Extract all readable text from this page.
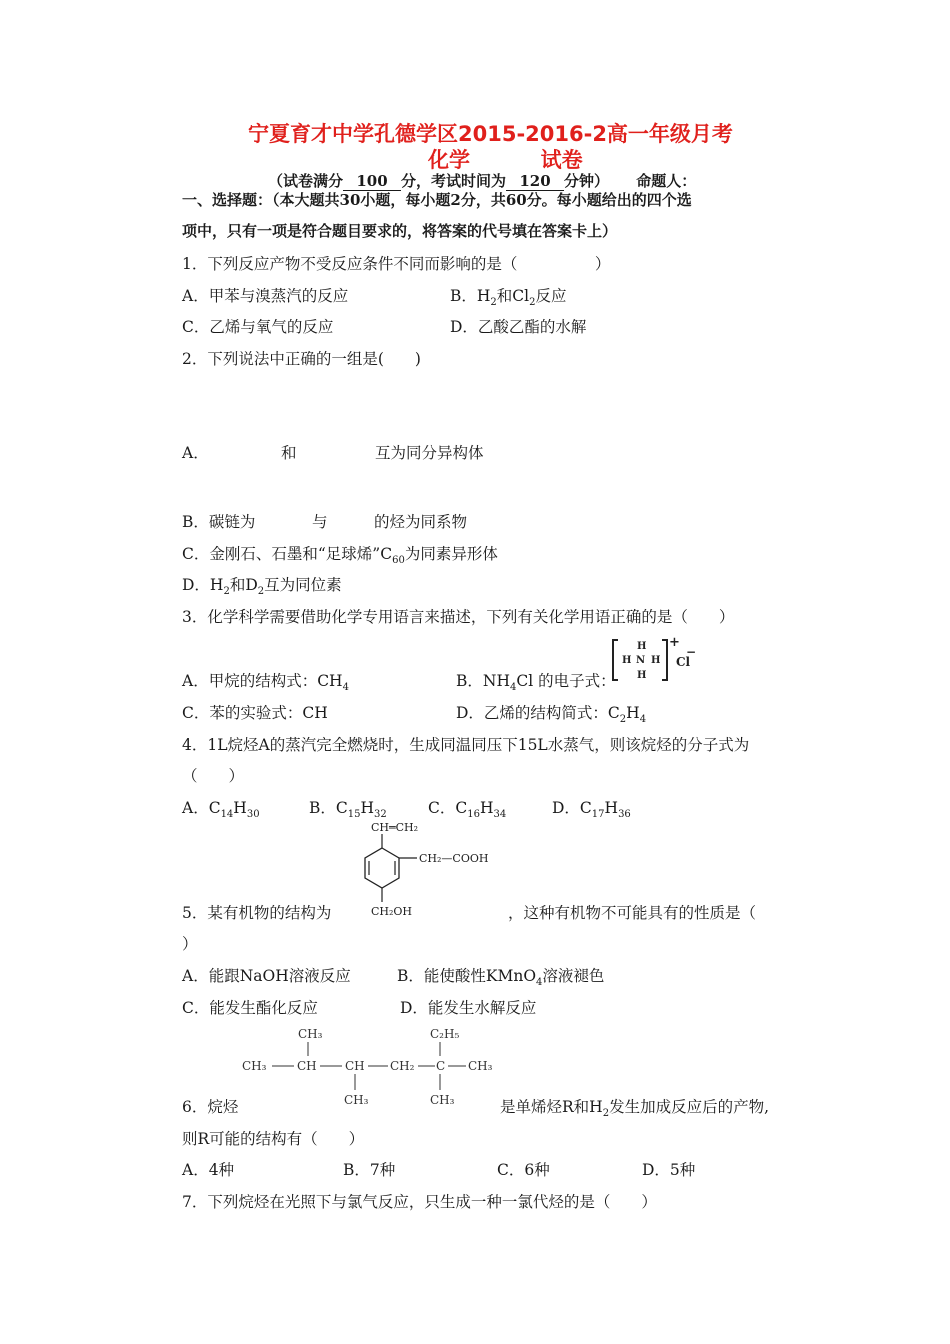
宁夏育才中学孔德学区2015-2016-2高一年级月考
化学	试卷
（试卷满分 100 分，考试时间为 120 分钟） 命题人：
一、选择题：（本大题共30小题，每小题2分，共60分。每小题给出的四个选
项中，只有一项是符合题目要求的，将答案的代号填在答案卡上）
1．下列反应产物不受反应条件不同而影响的是（　　　　　）
A．甲苯与溴蒸汽的反应	B．$H_2$和$Cl_2$反应
C．乙烯与氧气的反应	D．乙酸乙酯的水解
2．下列说法中正确的一组是(　　)
A．	和	互为同分异构体
B．碳链为	与	的烃为同系物
C．金刚石、石墨和“足球烯$”C_{60}$为同素异形体
D．$H_2$和$D_2$互为同位素
3．化学科学需要借助化学专用语言来描述，下列有关化学用语正确的是（　　）
A．甲烷的结构式：$CH_4$	B．$NH_4Cl$ 的电子式：
H
H N H
H
+
Cl
−
C．苯的实验式：CH	D．乙烯的结构简式：$C_2H_4$
4．1L烷烃A的蒸汽完全燃烧时，生成同温同压下15L水蒸气，则该烷烃的分子式为
（　　）
A．$C_{14}H_{30}$	B．$C_{15}H_{32}$	C．$C_{16}H_{34}$	D．$C_{17}H_{36}$
CH═CH₂
CH₂—COOH
CH₂OH
5．某有机物的结构为	，这种有机物不可能具有的性质是（
）
A．能跟NaOH溶液反应	B．能使酸性KMnO$_4$溶液褪色
C．能发生酯化反应	D．能发生水解反应
CH₃	C₂H₅
CH₃	CH CH CH₂ C CH₃
CH₃	CH₃
6．烷烃	是单烯烃R和$H_2$发生加成反应后的产物,
则R可能的结构有（　　）
A．4种	B．7种	C．6种	D．5种
7．下列烷烃在光照下与氯气反应，只生成一种一氯代烃的是（　　）
